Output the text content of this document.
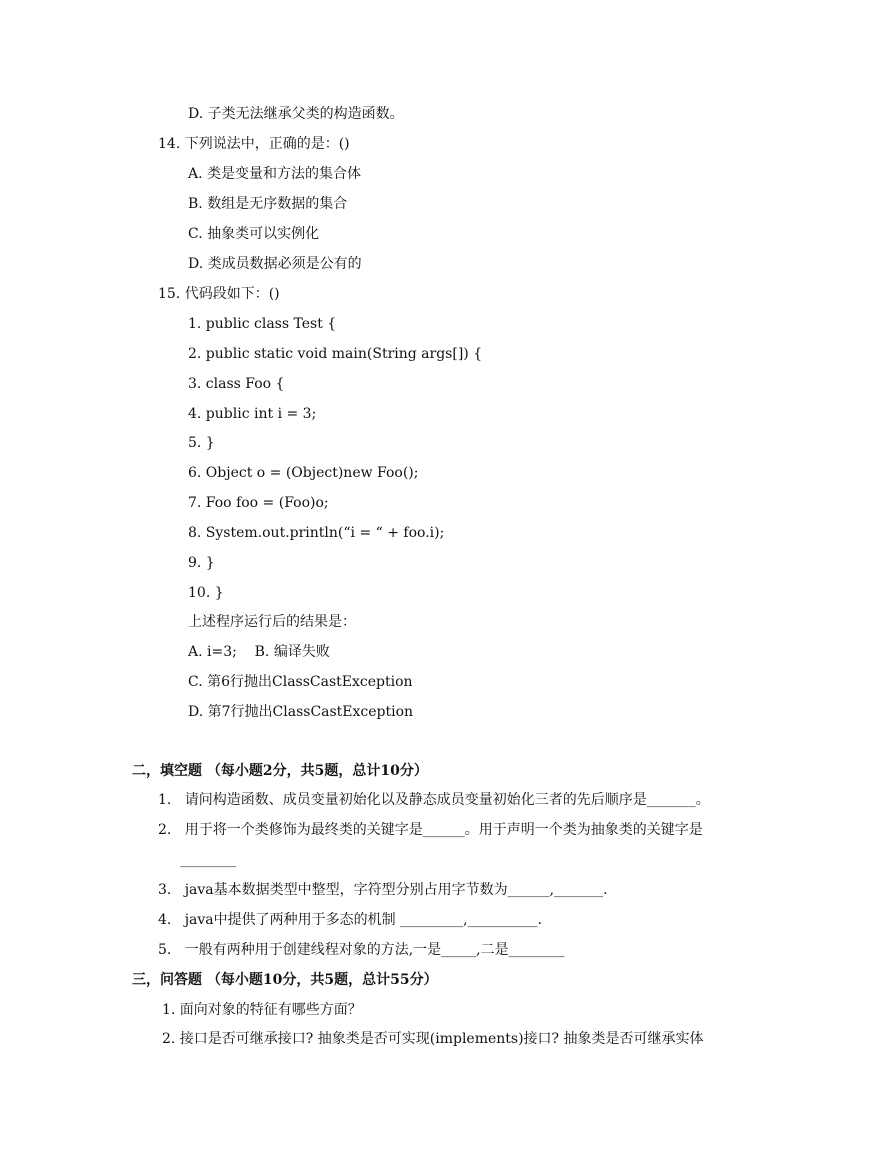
D. 子类无法继承父类的构造函数。
14. 下列说法中，正确的是：()
A. 类是变量和方法的集合体
B. 数组是无序数据的集合
C. 抽象类可以实例化
D. 类成员数据必须是公有的
15. 代码段如下：()
1. public class Test {
2. public static void main(String args[]) {
3. class Foo {
4. public int i = 3;
5. }
6. Object o = (Object)new Foo();
7. Foo foo = (Foo)o;
8. System.out.println(“i = “ + foo.i);
9. }
10. }
上述程序运行后的结果是：
A. i=3;    B. 编译失败
C. 第6行抛出ClassCastException
D. 第7行抛出ClassCastException
二，填空题 （每小题2分，共5题，总计10分）
1.   请问构造函数、成员变量初始化以及静态成员变量初始化三者的先后顺序是_______。
2.   用于将一个类修饰为最终类的关键字是______。用于声明一个类为抽象类的关键字是
________
3.   java基本数据类型中整型，字符型分别占用字节数为______,_______.
4.   java中提供了两种用于多态的机制 _________,__________.
5.   一般有两种用于创建线程对象的方法,一是_____,二是________
三，问答题 （每小题10分，共5题，总计55分）
1. 面向对象的特征有哪些方面？
2. 接口是否可继承接口? 抽象类是否可实现(implements)接口? 抽象类是否可继承实体
